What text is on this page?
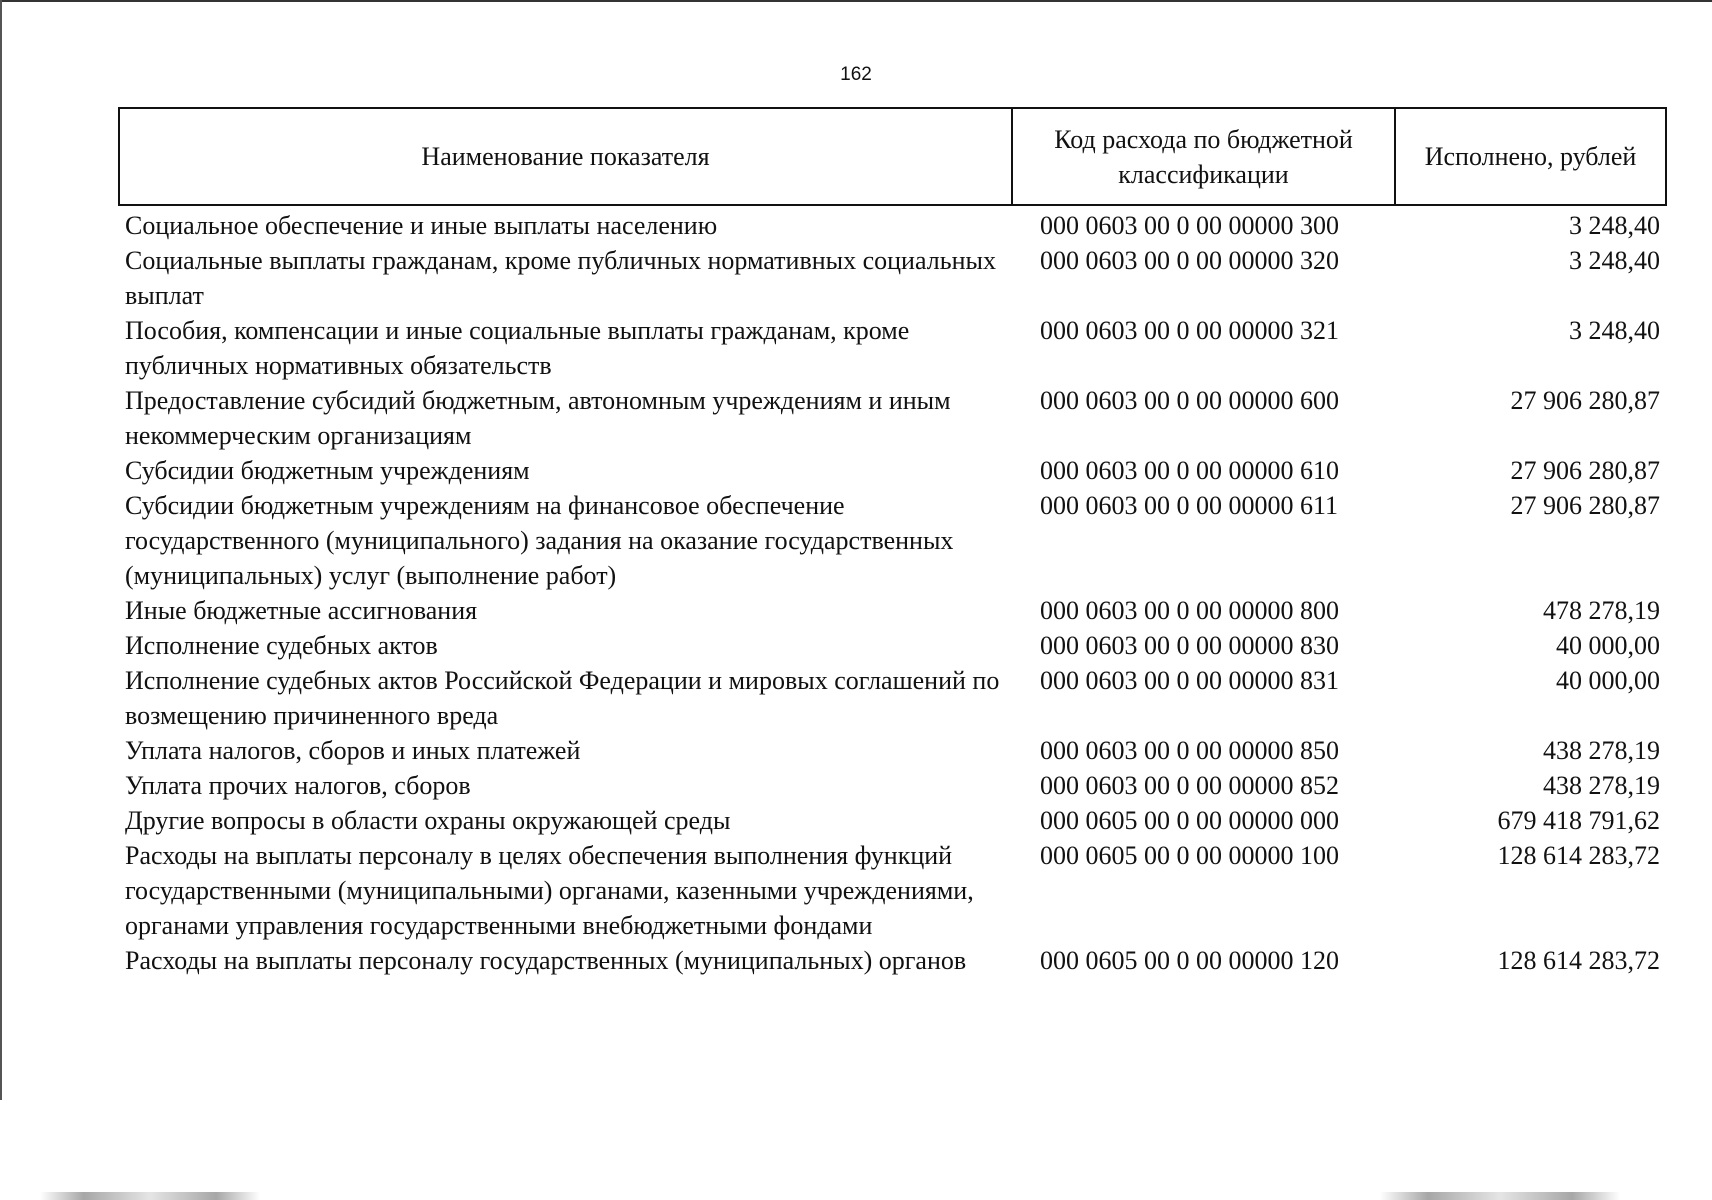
162
Наименование показателя	Код расхода по бюджетной классификации	Исполнено, рублей
Социальное обеспечение и иные выплаты населению	000 0603 00 0 00 00000 300	3 248,40
Социальные выплаты гражданам, кроме публичных нормативных социальных выплат	000 0603 00 0 00 00000 320	3 248,40
Пособия, компенсации и иные социальные выплаты гражданам, кроме публичных нормативных обязательств	000 0603 00 0 00 00000 321	3 248,40
Предоставление субсидий бюджетным, автономным учреждениям и иным некоммерческим организациям	000 0603 00 0 00 00000 600	27 906 280,87
Субсидии бюджетным учреждениям	000 0603 00 0 00 00000 610	27 906 280,87
Субсидии бюджетным учреждениям на финансовое обеспечение государственного (муниципального) задания на оказание государственных (муниципальных) услуг (выполнение работ)	000 0603 00 0 00 00000 611	27 906 280,87
Иные бюджетные ассигнования	000 0603 00 0 00 00000 800	478 278,19
Исполнение судебных актов	000 0603 00 0 00 00000 830	40 000,00
Исполнение судебных актов Российской Федерации и мировых соглашений по возмещению причиненного вреда	000 0603 00 0 00 00000 831	40 000,00
Уплата налогов, сборов и иных платежей	000 0603 00 0 00 00000 850	438 278,19
Уплата прочих налогов, сборов	000 0603 00 0 00 00000 852	438 278,19
Другие вопросы в области охраны окружающей среды	000 0605 00 0 00 00000 000	679 418 791,62
Расходы на выплаты персоналу в целях обеспечения выполнения функций государственными (муниципальными) органами, казенными учреждениями, органами управления государственными внебюджетными фондами	000 0605 00 0 00 00000 100	128 614 283,72
Расходы на выплаты персоналу государственных (муниципальных) органов	000 0605 00 0 00 00000 120	128 614 283,72
